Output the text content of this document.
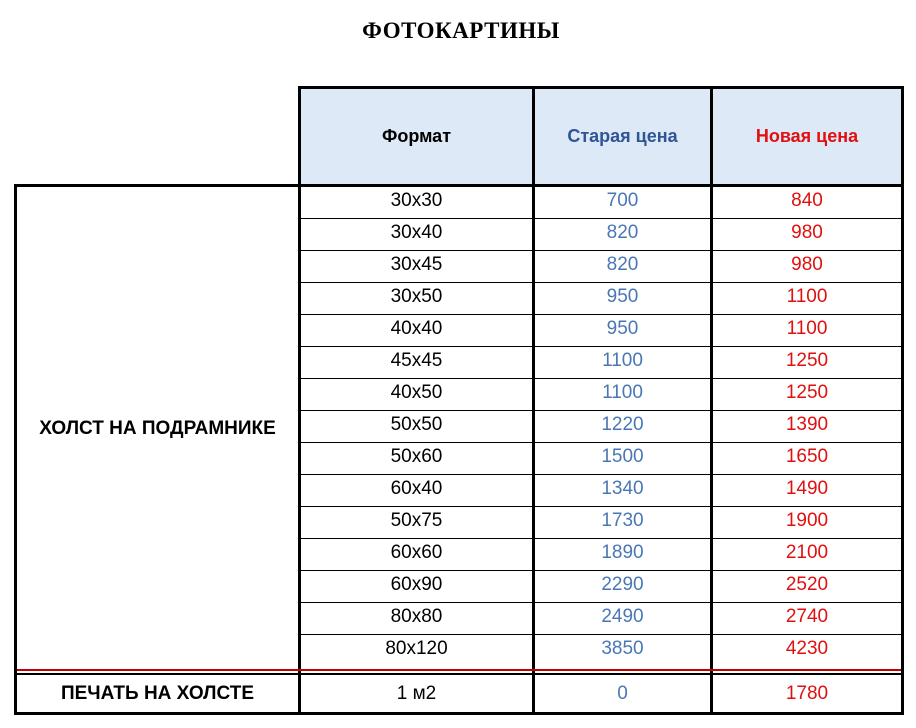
ФОТОКАРТИНЫ
Формат	Старая цена	Новая цена
ХОЛСТ НА ПОДРАМНИКЕ
30x30	700	840
30x40	820	980
30x45	820	980
30x50	950	1100
40x40	950	1100
45x45	1100	1250
40x50	1100	1250
50x50	1220	1390
50x60	1500	1650
60x40	1340	1490
50x75	1730	1900
60x60	1890	2100
60x90	2290	2520
80x80	2490	2740
80x120	3850	4230
ПЕЧАТЬ НА ХОЛСТЕ	1 м2	0	1780
